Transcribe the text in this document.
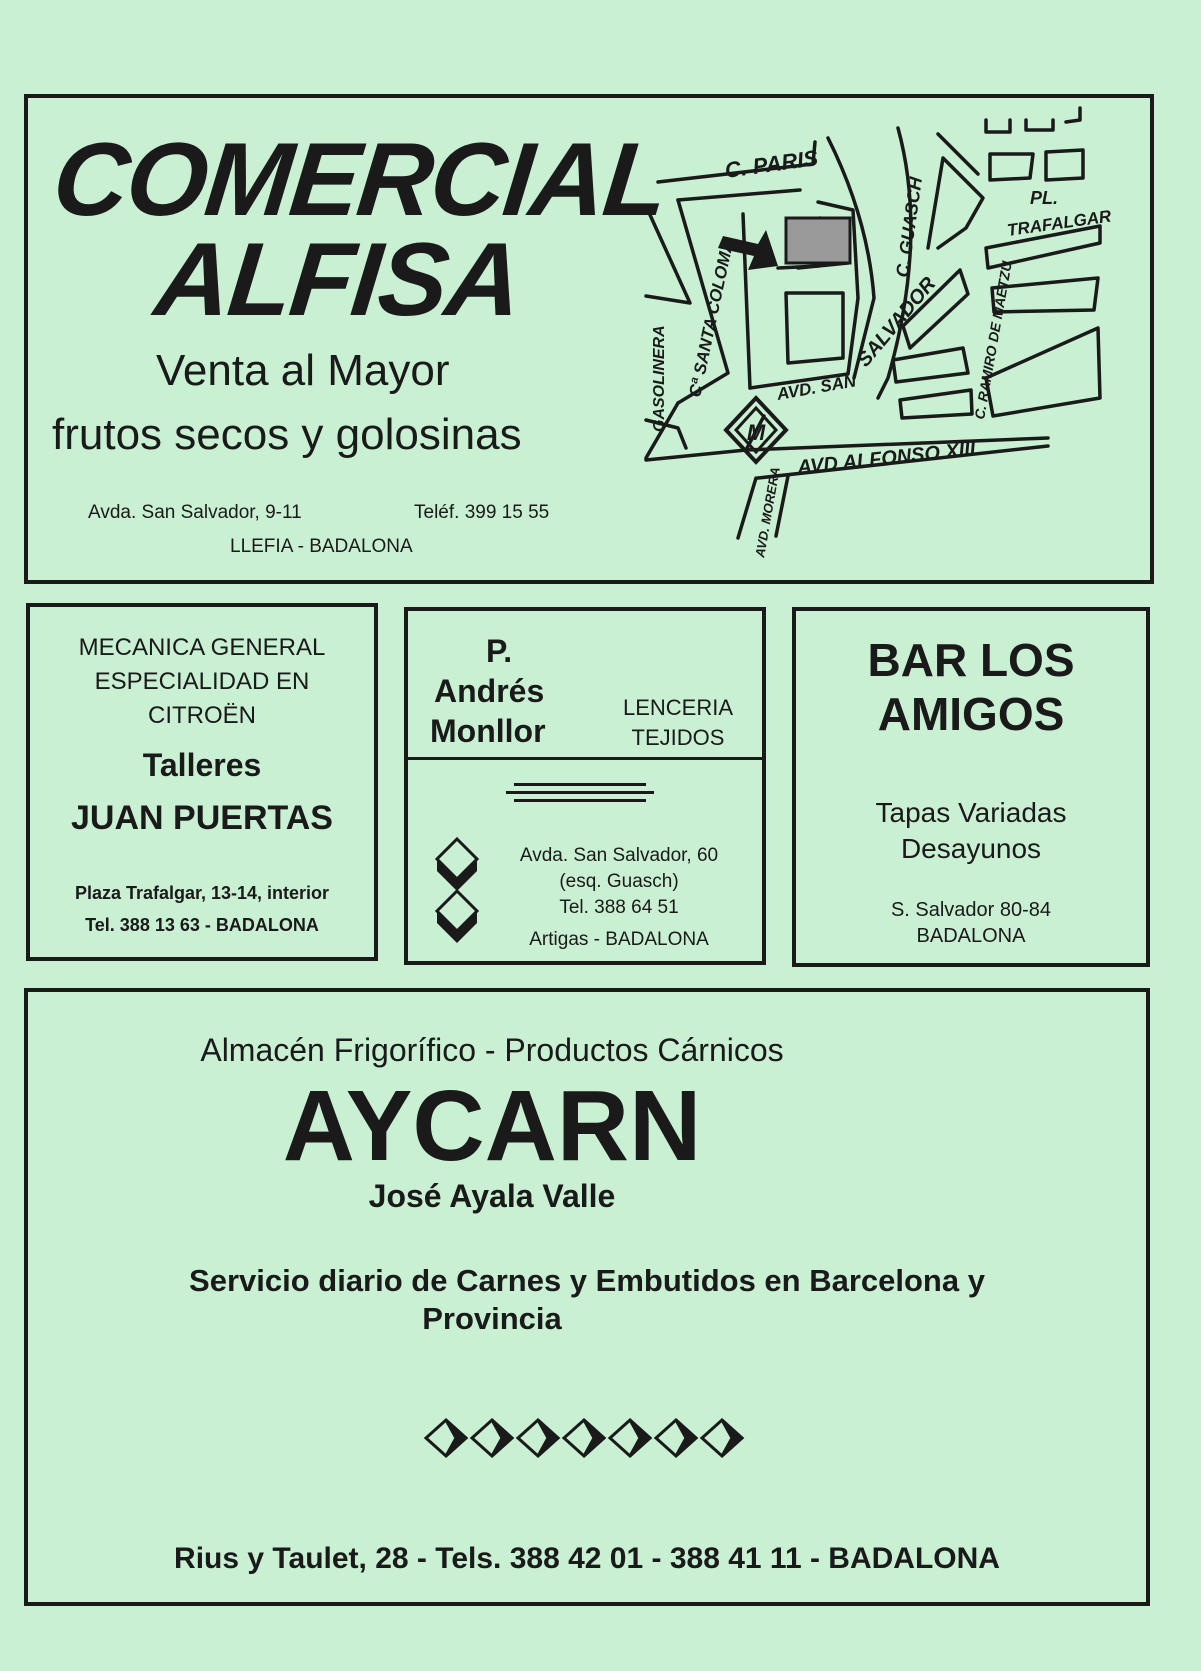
COMERCIAL
ALFISA
Venta al Mayor
frutos secos y golosinas
Avda. San Salvador, 9-11	Teléf. 399 15 55
LLEFIA - BADALONA
M
C. PARIS
C. GUASCH	PL.
TRAFALGAR
Cª SANTA COLOMA
GASOLINERA	AVD. SAN
SALVADOR C. RAMIRO DE MAETZU
AVD ALFONSO XIII
AVD. MORERA
MECANICA GENERAL
ESPECIALIDAD EN
CITROËN
Talleres
JUAN PUERTAS
Plaza Trafalgar, 13-14, interior
Tel. 388 13 63 - BADALONA
P.
Andrés
Monllor
LENCERIA
TEJIDOS
Avda. San Salvador, 60
(esq. Guasch)
Tel. 388 64 51
Artigas - BADALONA
BAR LOS
AMIGOS
Tapas Variadas
Desayunos
S. Salvador 80-84
BADALONA
Almacén Frigorífico - Productos Cárnicos
AYCARN
José Ayala Valle
Servicio diario de Carnes y Embutidos en Barcelona y
Provincia
Rius y Taulet, 28 - Tels. 388 42 01 - 388 41 11 - BADALONA
